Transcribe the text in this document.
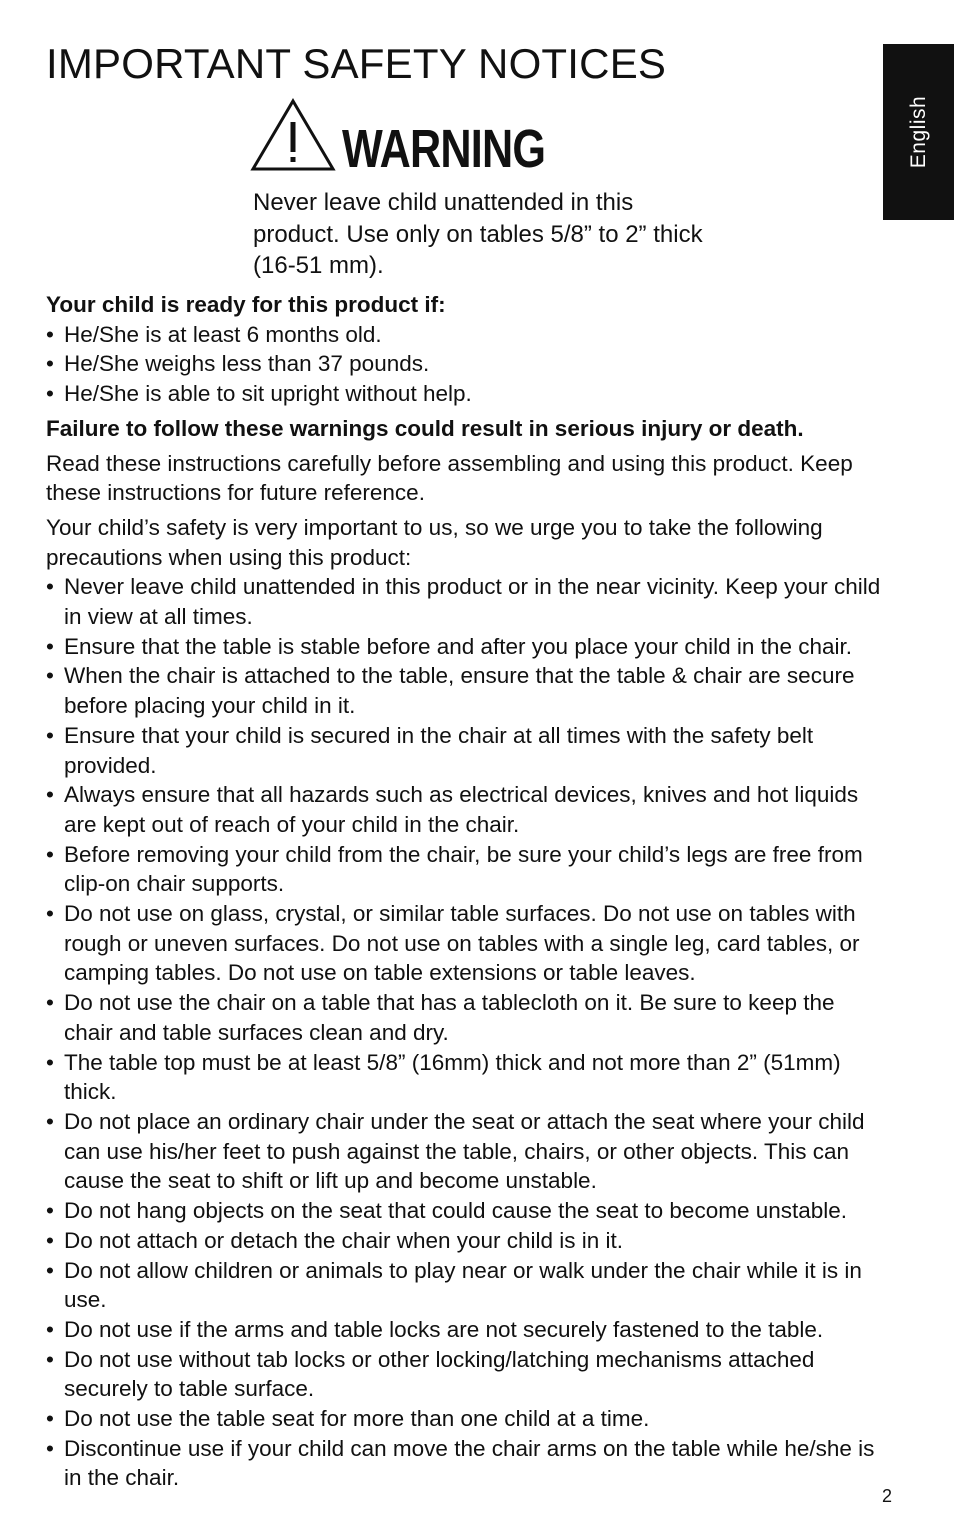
English
IMPORTANT SAFETY NOTICES
WARNING

Never leave child unattended in this product. Use only on tables 5/8” to 2” thick (16-51 mm).

Your child is ready for this product if:

• He/She is at least 6 months old.
• He/She weighs less than 37 pounds.
• He/She is able to sit upright without help.

Failure to follow these warnings could result in serious injury or death.

Read these instructions carefully before assembling and using this product. Keep these instructions for future reference.

Your child’s safety is very important to us, so we urge you to take the following precautions when using this product:

• Never leave child unattended in this product or in the near vicinity. Keep your child in view at all times.
• Ensure that the table is stable before and after you place your child in the chair.
• When the chair is attached to the table, ensure that the table & chair are secure before placing your child in it.
• Ensure that your child is secured in the chair at all times with the safety belt provided.
• Always ensure that all hazards such as electrical devices, knives and hot liquids are kept out of reach of your child in the chair.
• Before removing your child from the chair, be sure your child’s legs are free from clip-on chair supports.
• Do not use on glass, crystal, or similar table surfaces. Do not use on tables with rough or uneven surfaces. Do not use on tables with a single leg, card tables, or camping tables. Do not use on table extensions or table leaves.
• Do not use the chair on a table that has a tablecloth on it. Be sure to keep the chair and table surfaces clean and dry.
• The table top must be at least 5/8” (16mm) thick and not more than 2” (51mm) thick.
• Do not place an ordinary chair under the seat or attach the seat where your child can use his/her feet to push against the table, chairs, or other objects. This can cause the seat to shift or lift up and become unstable.
• Do not hang objects on the seat that could cause the seat to become unstable.
• Do not attach or detach the chair when your child is in it.
• Do not allow children or animals to play near or walk under the chair while it is in use.
• Do not use if the arms and table locks are not securely fastened to the table.
• Do not use without tab locks or other locking/latching mechanisms attached securely to table surface.
• Do not use the table seat for more than one child at a time.
• Discontinue use if your child can move the chair arms on the table while he/she is in the chair.
2
